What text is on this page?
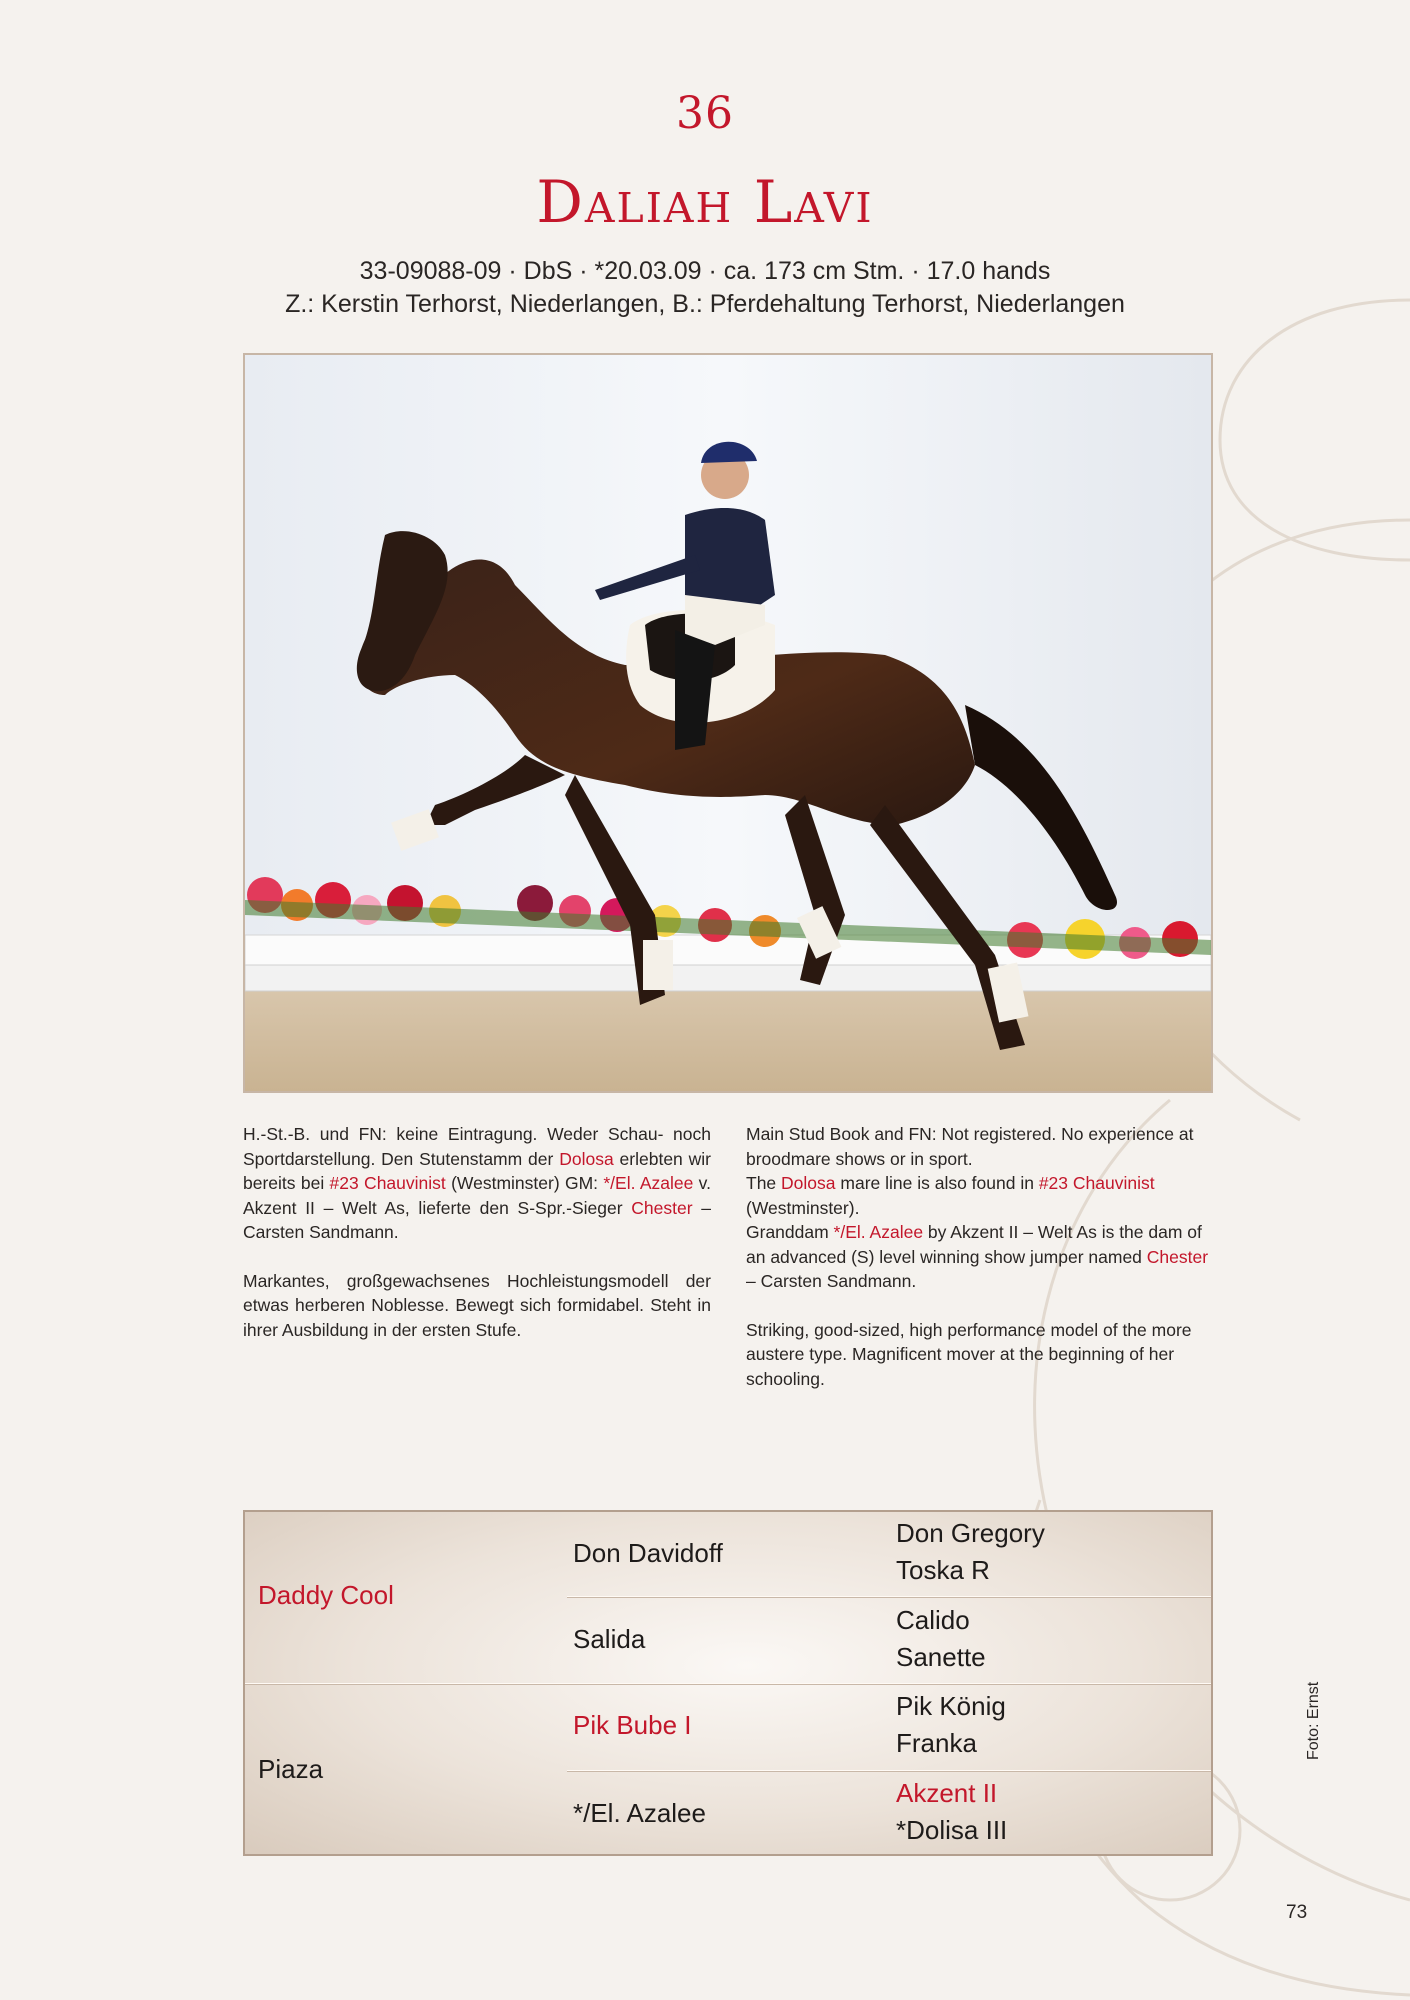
36
Daliah Lavi
33-09088-09 · DbS · *20.03.09 · ca. 173 cm Stm. · 17.0 hands
Z.: Kerstin Terhorst, Niederlangen, B.: Pferdehaltung Terhorst, Niederlangen

H.-St.-B. und FN: keine Eintragung. Weder Schau- noch Sportdarstellung. Den Stutenstamm der Dolosa erlebten wir bereits bei #23 Chauvinist (Westminster) GM: */El. Azalee v. Akzent II – Welt As, lieferte den S-Spr.-Sieger Chester – Carsten Sandmann.

Markantes, großgewachsenes Hochleistungsmodell der etwas herberen Noblesse. Bewegt sich formidabel. Steht in ihrer Ausbildung in der ersten Stufe.

Main Stud Book and FN: Not registered. No experience at broodmare shows or in sport.
The Dolosa mare line is also found in #23 Chauvinist (Westminster).
Granddam */El. Azalee by Akzent II – Welt As is the dam of an advanced (S) level winning show jumper named Chester – Carsten Sandmann.

Striking, good-sized, high performance model of the more austere type. Magnificent mover at the beginning of her schooling.

Daddy Cool
Piaza
Don Davidoff
Salida
Pik Bube I
*/El. Azalee
Don Gregory
Toska R
Calido
Sanette
Pik König
Franka
Akzent II
*Dolisa III
Foto: Ernst
73
